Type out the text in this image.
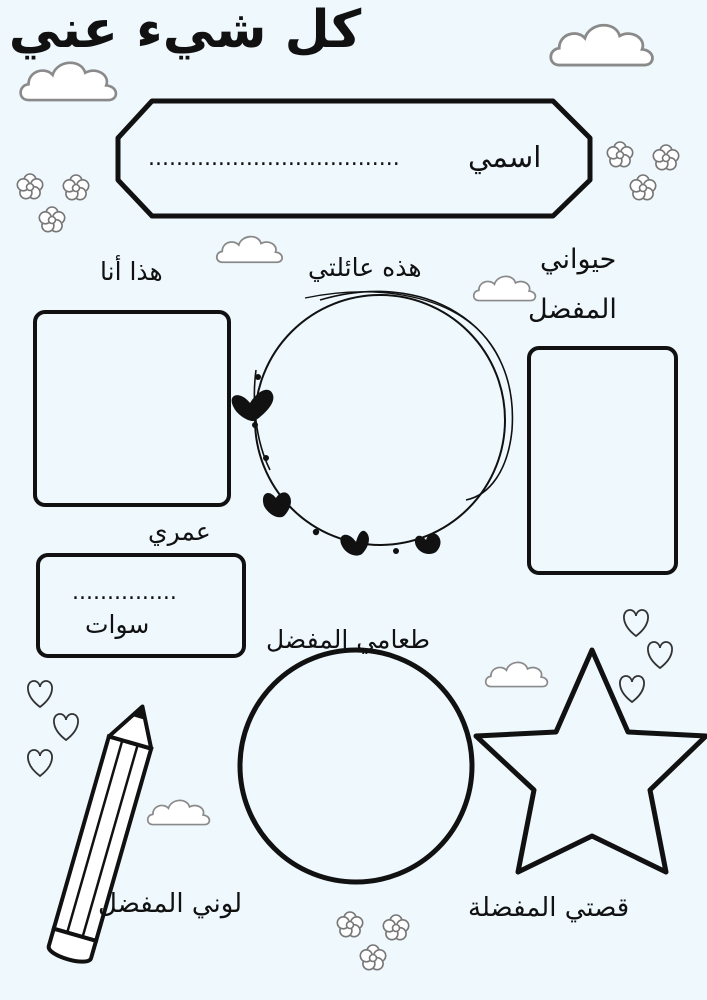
كل شيء عني
اسمي
....................................
هذا أنا	هذه عائلتي	حيواني
المفضل
عمري
...............
سوات
طعامي المفضل
لوني المفضل	قصتي المفضلة
